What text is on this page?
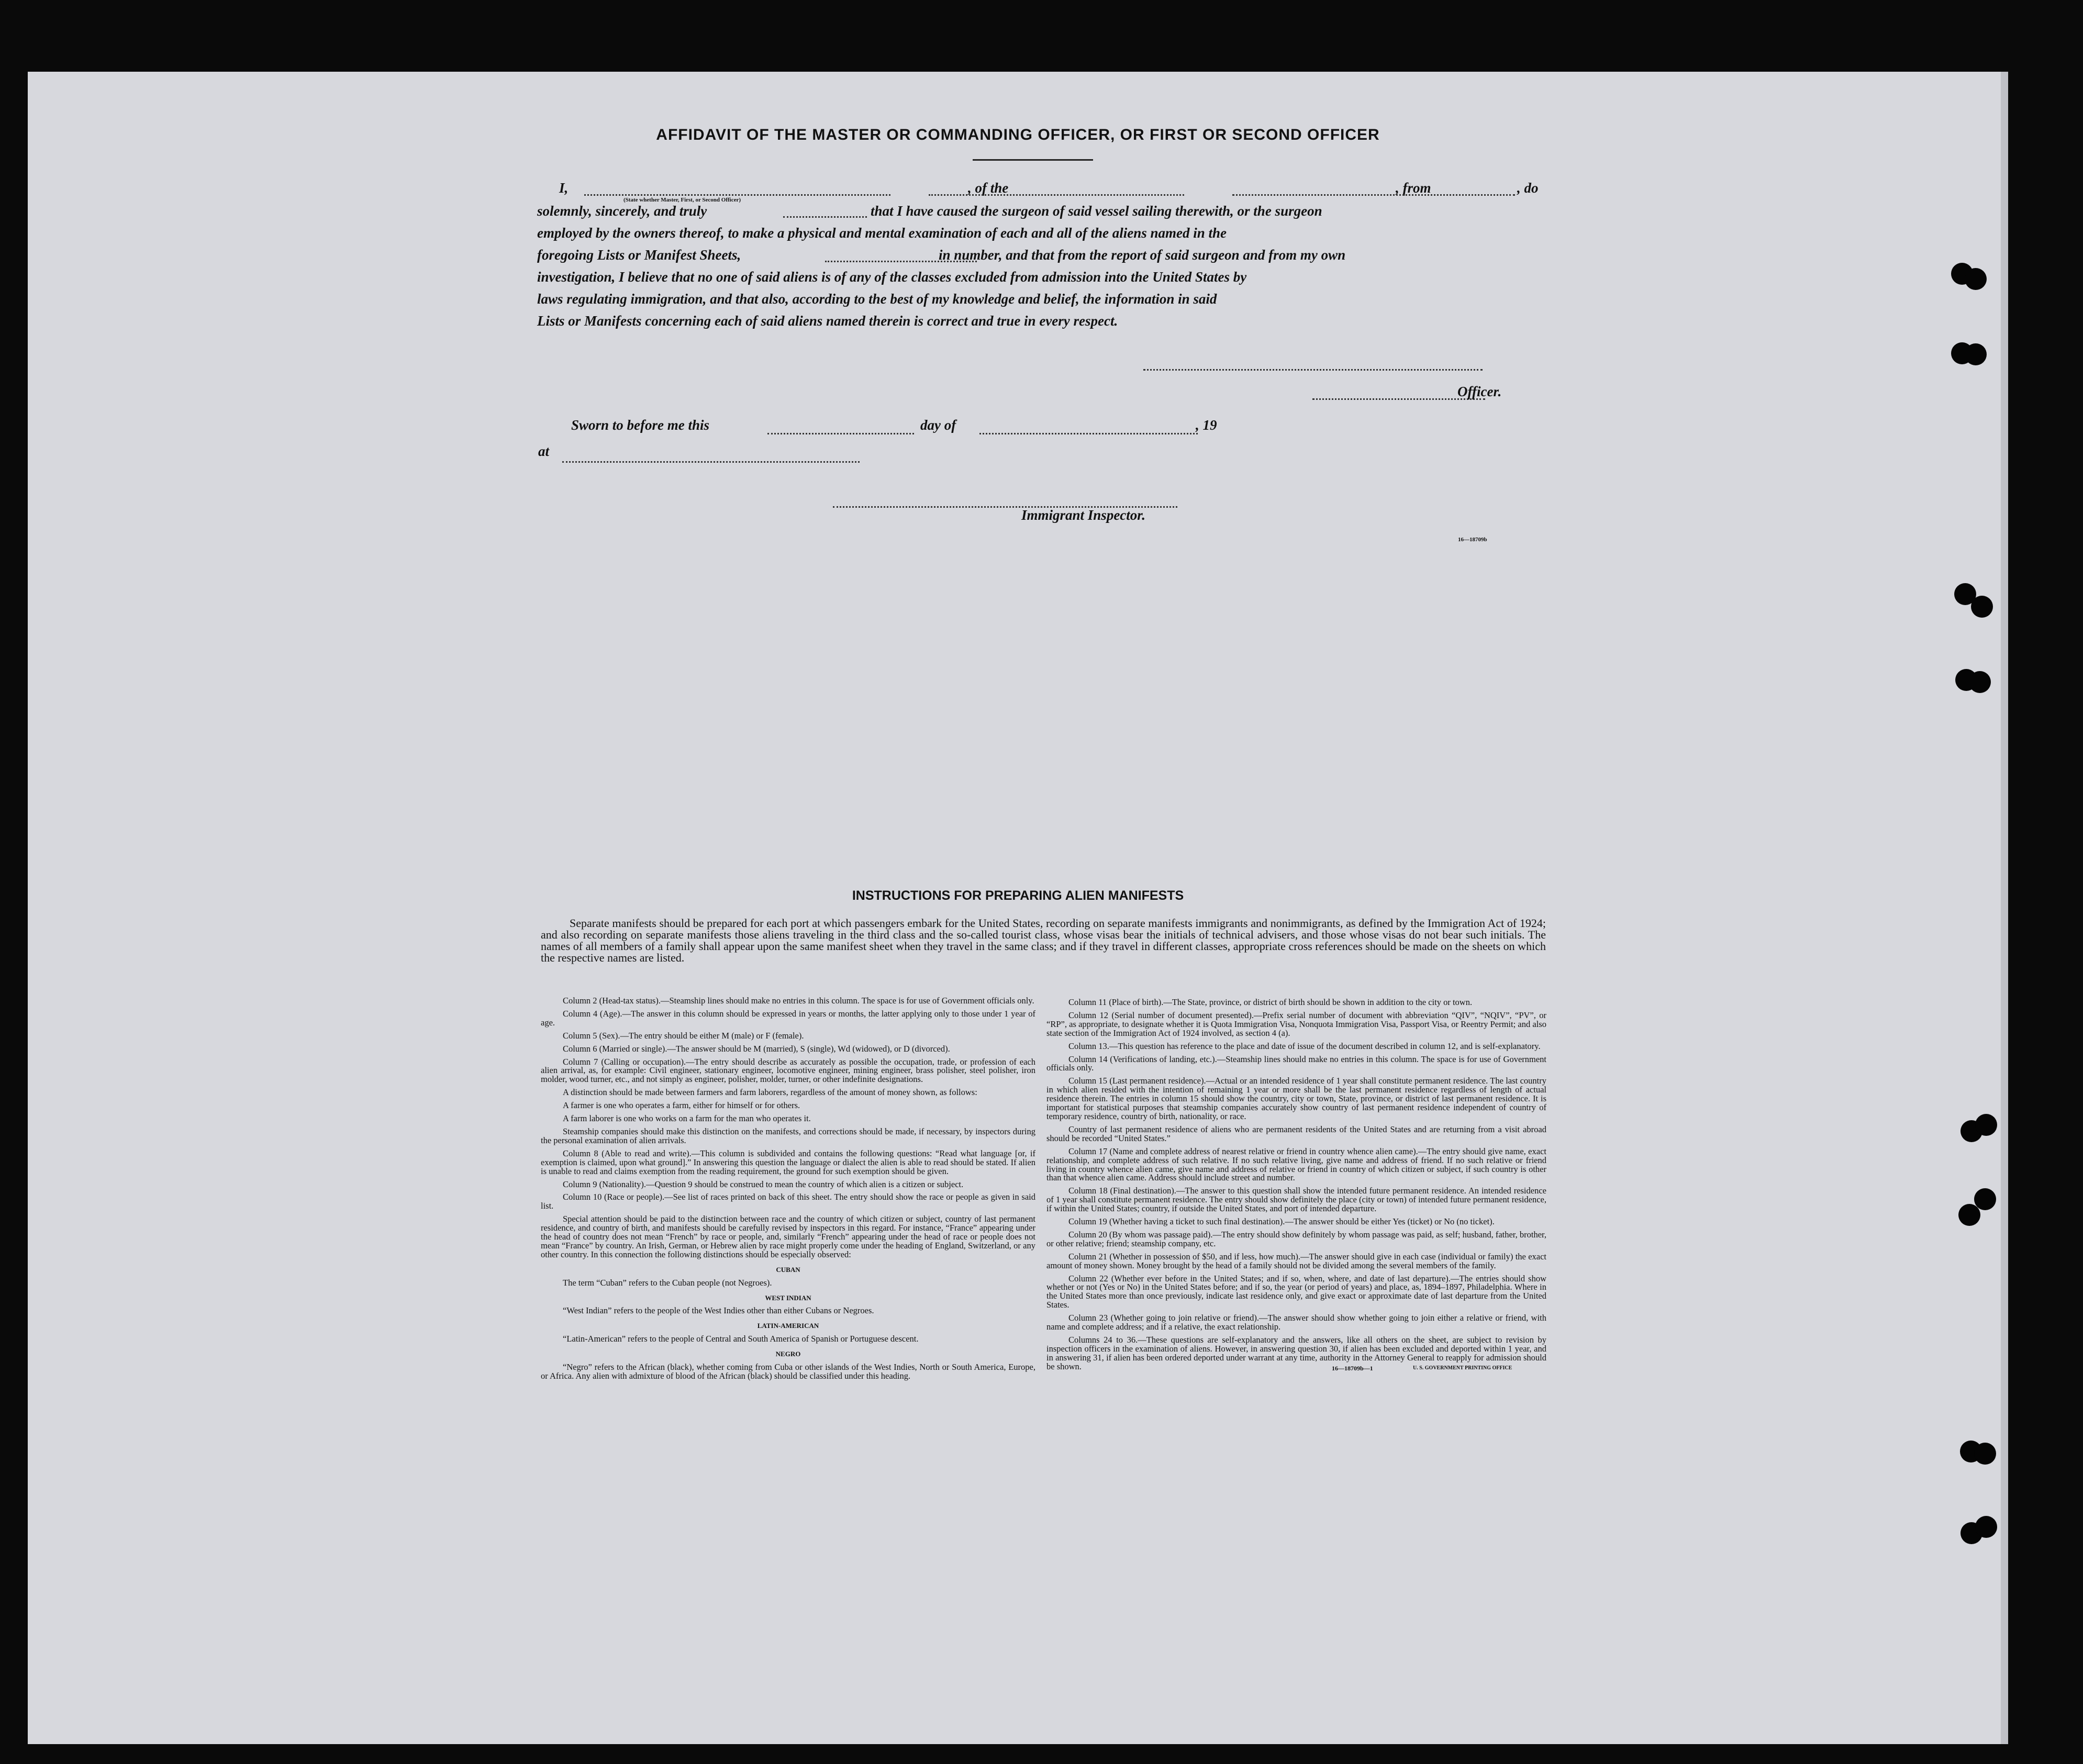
AFFIDAVIT OF THE MASTER OR COMMANDING OFFICER, OR FIRST OR SECOND OFFICER
I,	, from
, of the	, do
(State whether Master, First, or Second Officer)
solemnly, sincerely, and truly	that I have caused the surgeon of said vessel sailing therewith, or the surgeon
employed by the owners thereof, to make a physical and mental examination of each and all of the aliens named in the
foregoing Lists or Manifest Sheets,	in number, and that from the report of said surgeon and from my own
investigation, I believe that no one of said aliens is of any of the classes excluded from admission into the United States by
laws regulating immigration, and that also, according to the best of my knowledge and belief, the information in said
Lists or Manifests concerning each of said aliens named therein is correct and true in every respect.
Officer.
Sworn to before me this	day of	, 19
at
Immigrant Inspector.
16—18709b
INSTRUCTIONS FOR PREPARING ALIEN MANIFESTS

Separate manifests should be prepared for each port at which passengers embark for the United States, recording on separate manifests immigrants and nonimmigrants, as defined by the Immigration Act of 1924; and also recording on separate manifests those aliens traveling in the third class and the so-called tourist class, whose visas bear the initials of technical advisers, and those whose visas do not bear such initials. The names of all members of a family shall appear upon the same manifest sheet when they travel in the same class; and if they travel in different classes, appropriate cross references should be made on the sheets on which the respective names are listed.

Column 2 (Head-tax status).—Steamship lines should make no entries in this column. The space is for use of Government officials only.

Column 4 (Age).—The answer in this column should be expressed in years or months, the latter applying only to those under 1 year of age.

Column 5 (Sex).—The entry should be either M (male) or F (female).

Column 6 (Married or single).—The answer should be M (married), S (single), Wd (widowed), or D (divorced).

Column 7 (Calling or occupation).—The entry should describe as accurately as possible the occupation, trade, or profession of each alien arrival, as, for example: Civil engineer, stationary engineer, locomotive engineer, mining engineer, brass polisher, steel polisher, iron molder, wood turner, etc., and not simply as engineer, polisher, molder, turner, or other indefinite designations.

A distinction should be made between farmers and farm laborers, regardless of the amount of money shown, as follows:

A farmer is one who operates a farm, either for himself or for others.

A farm laborer is one who works on a farm for the man who operates it.

Steamship companies should make this distinction on the manifests, and corrections should be made, if necessary, by inspectors during the personal examination of alien arrivals.

Column 8 (Able to read and write).—This column is subdivided and contains the following questions: “Read what language [or, if exemption is claimed, upon what ground].” In answering this question the language or dialect the alien is able to read should be stated. If alien is unable to read and claims exemption from the reading requirement, the ground for such exemption should be given.

Column 9 (Nationality).—Question 9 should be construed to mean the country of which alien is a citizen or subject.

Column 10 (Race or people).—See list of races printed on back of this sheet. The entry should show the race or people as given in said list.

Special attention should be paid to the distinction between race and the country of which citizen or subject, country of last permanent residence, and country of birth, and manifests should be carefully revised by inspectors in this regard. For instance, “France” appearing under the head of country does not mean “French” by race or people, and, similarly “French” appearing under the head of race or people does not mean “France” by country. An Irish, German, or Hebrew alien by race might properly come under the heading of England, Switzerland, or any other country. In this connection the following distinctions should be especially observed:

CUBAN

The term “Cuban” refers to the Cuban people (not Negroes).

WEST INDIAN

“West Indian” refers to the people of the West Indies other than either Cubans or Negroes.

LATIN-AMERICAN

“Latin-American” refers to the people of Central and South America of Spanish or Portuguese descent.

NEGRO

“Negro” refers to the African (black), whether coming from Cuba or other islands of the West Indies, North or South America, Europe, or Africa. Any alien with admixture of blood of the African (black) should be classified under this heading.

Column 11 (Place of birth).—The State, province, or district of birth should be shown in addition to the city or town.

Column 12 (Serial number of document presented).—Prefix serial number of document with abbreviation “QIV”, “NQIV”, “PV”, or “RP”, as appropriate, to designate whether it is Quota Immigration Visa, Nonquota Immigration Visa, Passport Visa, or Reentry Permit; and also state section of the Immigration Act of 1924 involved, as section 4 (a).

Column 13.—This question has reference to the place and date of issue of the document described in column 12, and is self-explanatory.

Column 14 (Verifications of landing, etc.).—Steamship lines should make no entries in this column. The space is for use of Government officials only.

Column 15 (Last permanent residence).—Actual or an intended residence of 1 year shall constitute permanent residence. The last country in which alien resided with the intention of remaining 1 year or more shall be the last permanent residence regardless of length of actual residence therein. The entries in column 15 should show the country, city or town, State, province, or district of last permanent residence. It is important for statistical purposes that steamship companies accurately show country of last permanent residence independent of country of temporary residence, country of birth, nationality, or race.

Country of last permanent residence of aliens who are permanent residents of the United States and are returning from a visit abroad should be recorded “United States.”

Column 17 (Name and complete address of nearest relative or friend in country whence alien came).—The entry should give name, exact relationship, and complete address of such relative. If no such relative living, give name and address of friend. If no such relative or friend living in country whence alien came, give name and address of relative or friend in country of which citizen or subject, if such country is other than that whence alien came. Address should include street and number.

Column 18 (Final destination).—The answer to this question shall show the intended future permanent residence. An intended residence of 1 year shall constitute permanent residence. The entry should show definitely the place (city or town) of intended future permanent residence, if within the United States; country, if outside the United States, and port of intended departure.

Column 19 (Whether having a ticket to such final destination).—The answer should be either Yes (ticket) or No (no ticket).

Column 20 (By whom was passage paid).—The entry should show definitely by whom passage was paid, as self; husband, father, brother, or other relative; friend; steamship company, etc.

Column 21 (Whether in possession of $50, and if less, how much).—The answer should give in each case (individual or family) the exact amount of money shown. Money brought by the head of a family should not be divided among the several members of the family.

Column 22 (Whether ever before in the United States; and if so, when, where, and date of last departure).—The entries should show whether or not (Yes or No) in the United States before; and if so, the year (or period of years) and place, as, 1894–1897, Philadelphia. Where in the United States more than once previously, indicate last residence only, and give exact or approximate date of last departure from the United States.

Column 23 (Whether going to join relative or friend).—The answer should show whether going to join either a relative or friend, with name and complete address; and if a relative, the exact relationship.

Columns 24 to 36.—These questions are self-explanatory and the answers, like all others on the sheet, are subject to revision by inspection officers in the examination of aliens. However, in answering question 30, if alien has been excluded and deported within 1 year, and in answering 31, if alien has been ordered deported under warrant at any time, authority in the Attorney General to reapply for admission should be shown.	16—18709b—1	U. S. GOVERNMENT PRINTING OFFICE
